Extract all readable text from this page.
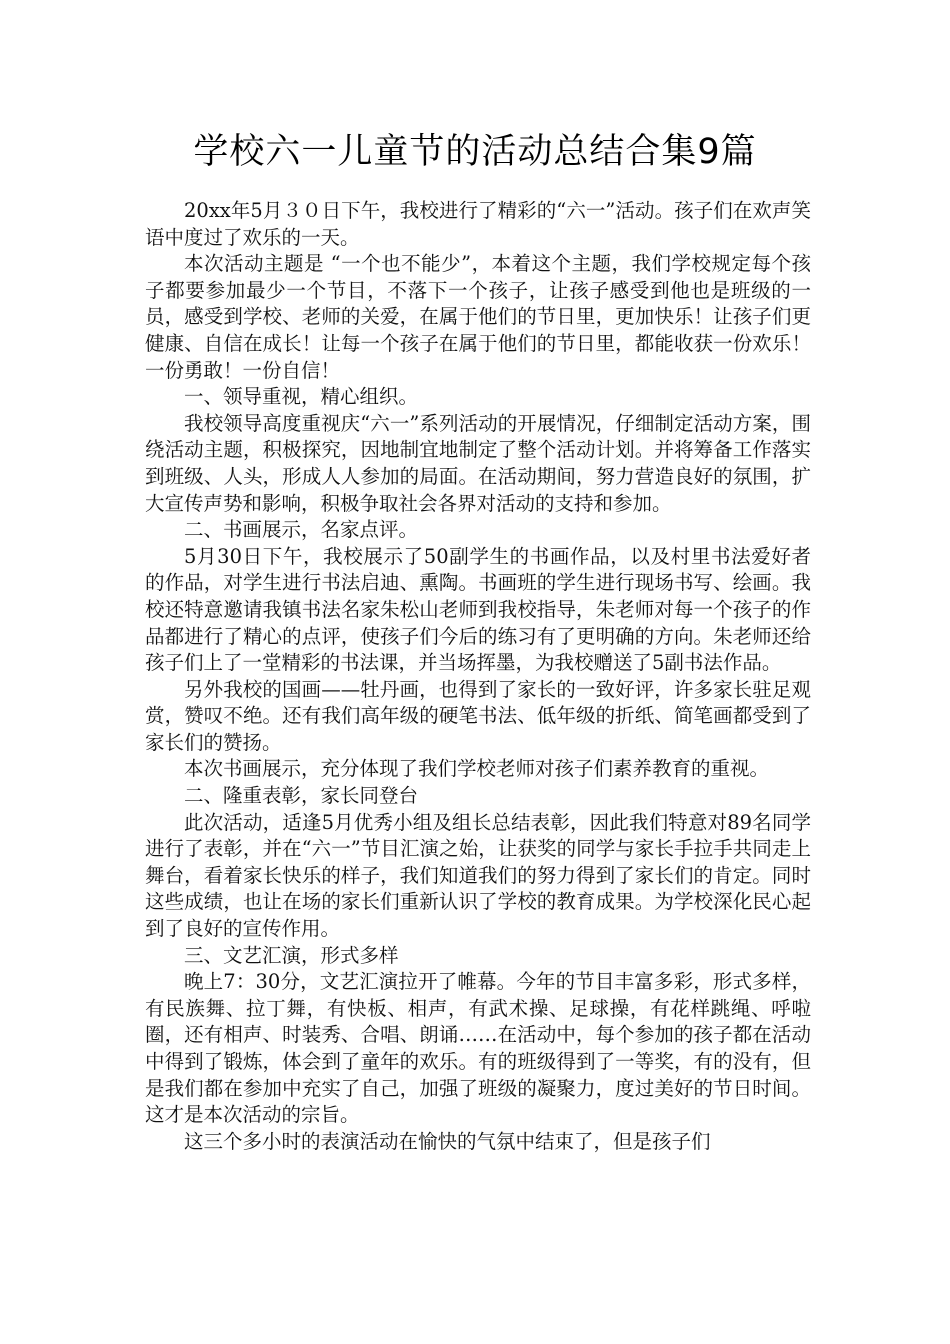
学校六一儿童节的活动总结合集9篇

20xx年5月３０日下午，我校进行了精彩的“六一”活动。孩子们在欢声笑语中度过了欢乐的一天。

本次活动主题是 “一个也不能少”，本着这个主题，我们学校规定每个孩子都要参加最少一个节目，不落下一个孩子，让孩子感受到他也是班级的一员，感受到学校、老师的关爱，在属于他们的节日里，更加快乐！让孩子们更健康、自信在成长！让每一个孩子在属于他们的节日里，都能收获一份欢乐！一份勇敢！一份自信！

一、领导重视，精心组织。

我校领导高度重视庆“六一”系列活动的开展情况，仔细制定活动方案，围绕活动主题，积极探究，因地制宜地制定了整个活动计划。并将筹备工作落实到班级、人头，形成人人参加的局面。在活动期间，努力营造良好的氛围，扩大宣传声势和影响，积极争取社会各界对活动的支持和参加。

二、书画展示，名家点评。

5月30日下午，我校展示了50副学生的书画作品，以及村里书法爱好者的作品，对学生进行书法启迪、熏陶。书画班的学生进行现场书写、绘画。我校还特意邀请我镇书法名家朱松山老师到我校指导，朱老师对每一个孩子的作品都进行了精心的点评，使孩子们今后的练习有了更明确的方向。朱老师还给孩子们上了一堂精彩的书法课，并当场挥墨，为我校赠送了5副书法作品。

另外我校的国画——牡丹画，也得到了家长的一致好评，许多家长驻足观赏，赞叹不绝。还有我们高年级的硬笔书法、低年级的折纸、简笔画都受到了家长们的赞扬。

本次书画展示，充分体现了我们学校老师对孩子们素养教育的重视。

二、隆重表彰，家长同登台

此次活动，适逢5月优秀小组及组长总结表彰，因此我们特意对89名同学进行了表彰，并在“六一”节目汇演之始，让获奖的同学与家长手拉手共同走上舞台，看着家长快乐的样子，我们知道我们的努力得到了家长们的肯定。同时这些成绩，也让在场的家长们重新认识了学校的教育成果。为学校深化民心起到了良好的宣传作用。

三、文艺汇演，形式多样

晚上7：30分，文艺汇演拉开了帷幕。今年的节目丰富多彩，形式多样，有民族舞、拉丁舞，有快板、相声，有武术操、足球操，有花样跳绳、呼啦圈，还有相声、时装秀、合唱、朗诵……在活动中，每个参加的孩子都在活动中得到了锻炼，体会到了童年的欢乐。有的班级得到了一等奖，有的没有，但是我们都在参加中充实了自己，加强了班级的凝聚力，度过美好的节日时间。这才是本次活动的宗旨。

这三个多小时的表演活动在愉快的气氛中结束了，但是孩子们
